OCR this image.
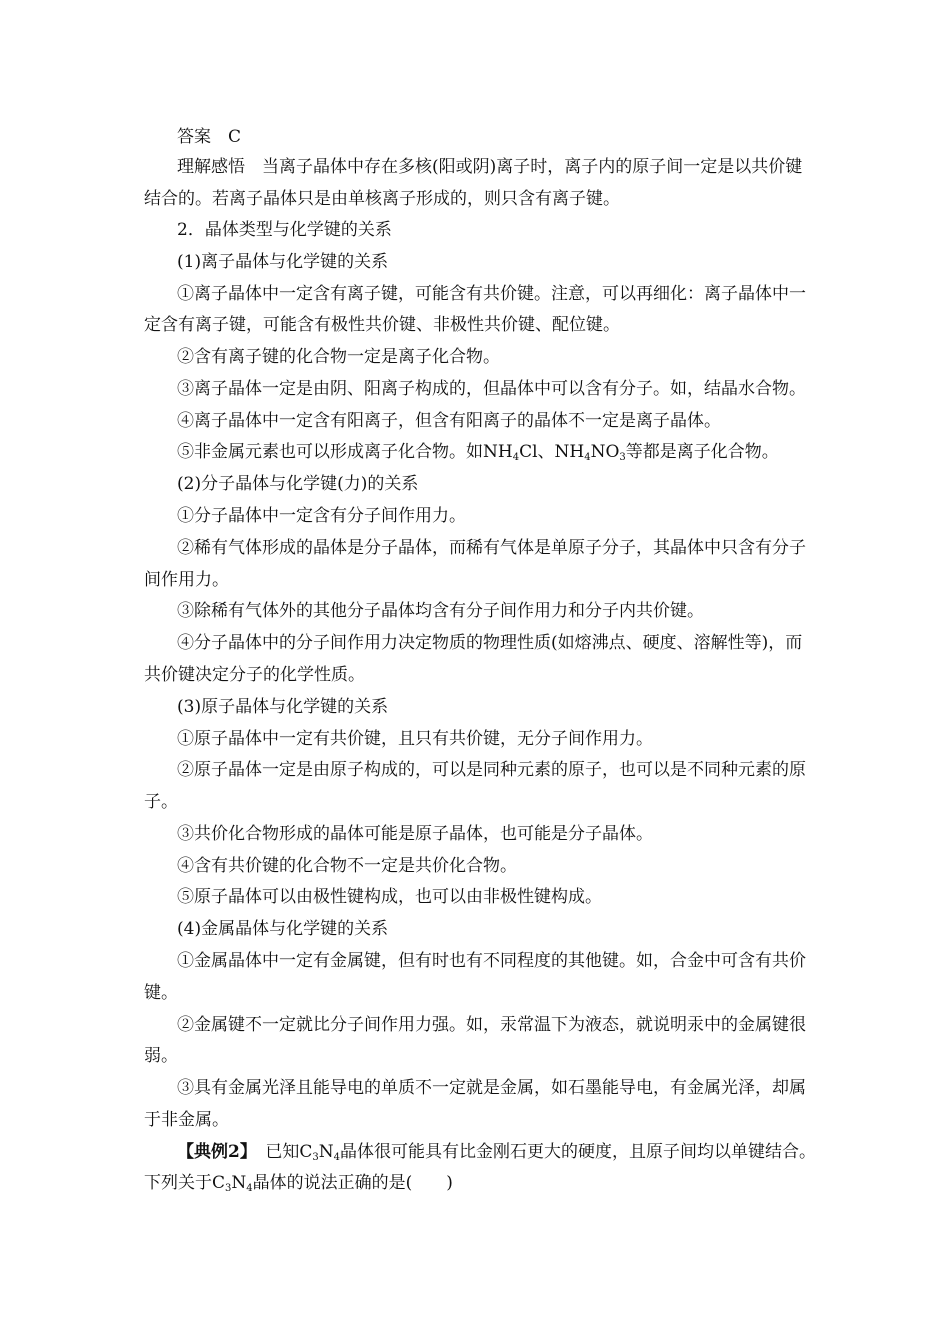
答案　C
理解感悟　当离子晶体中存在多核(阳或阴)离子时，离子内的原子间一定是以共价键
结合的。若离子晶体只是由单核离子形成的，则只含有离子键。
2．晶体类型与化学键的关系
(1)离子晶体与化学键的关系
①离子晶体中一定含有离子键，可能含有共价键。注意，可以再细化：离子晶体中一
定含有离子键，可能含有极性共价键、非极性共价键、配位键。
②含有离子键的化合物一定是离子化合物。
③离子晶体一定是由阴、阳离子构成的，但晶体中可以含有分子。如，结晶水合物。
④离子晶体中一定含有阳离子，但含有阳离子的晶体不一定是离子晶体。
⑤非金属元素也可以形成离子化合物。如$NH_4Cl$、$NH_4NO_3$等都是离子化合物。
(2)分子晶体与化学键(力)的关系
①分子晶体中一定含有分子间作用力。
②稀有气体形成的晶体是分子晶体，而稀有气体是单原子分子，其晶体中只含有分子
间作用力。
③除稀有气体外的其他分子晶体均含有分子间作用力和分子内共价键。
④分子晶体中的分子间作用力决定物质的物理性质(如熔沸点、硬度、溶解性等)，而
共价键决定分子的化学性质。
(3)原子晶体与化学键的关系
①原子晶体中一定有共价键，且只有共价键，无分子间作用力。
②原子晶体一定是由原子构成的，可以是同种元素的原子，也可以是不同种元素的原
子。
③共价化合物形成的晶体可能是原子晶体，也可能是分子晶体。
④含有共价键的化合物不一定是共价化合物。
⑤原子晶体可以由极性键构成，也可以由非极性键构成。
(4)金属晶体与化学键的关系
①金属晶体中一定有金属键，但有时也有不同程度的其他键。如，合金中可含有共价
键。
②金属键不一定就比分子间作用力强。如，汞常温下为液态，就说明汞中的金属键很
弱。
③具有金属光泽且能导电的单质不一定就是金属，如石墨能导电，有金属光泽，却属
于非金属。
【典例2】　已知$C_3N_4$晶体很可能具有比金刚石更大的硬度，且原子间均以单键结合。
下列关于$C_3N_4$晶体的说法正确的是(　　)
